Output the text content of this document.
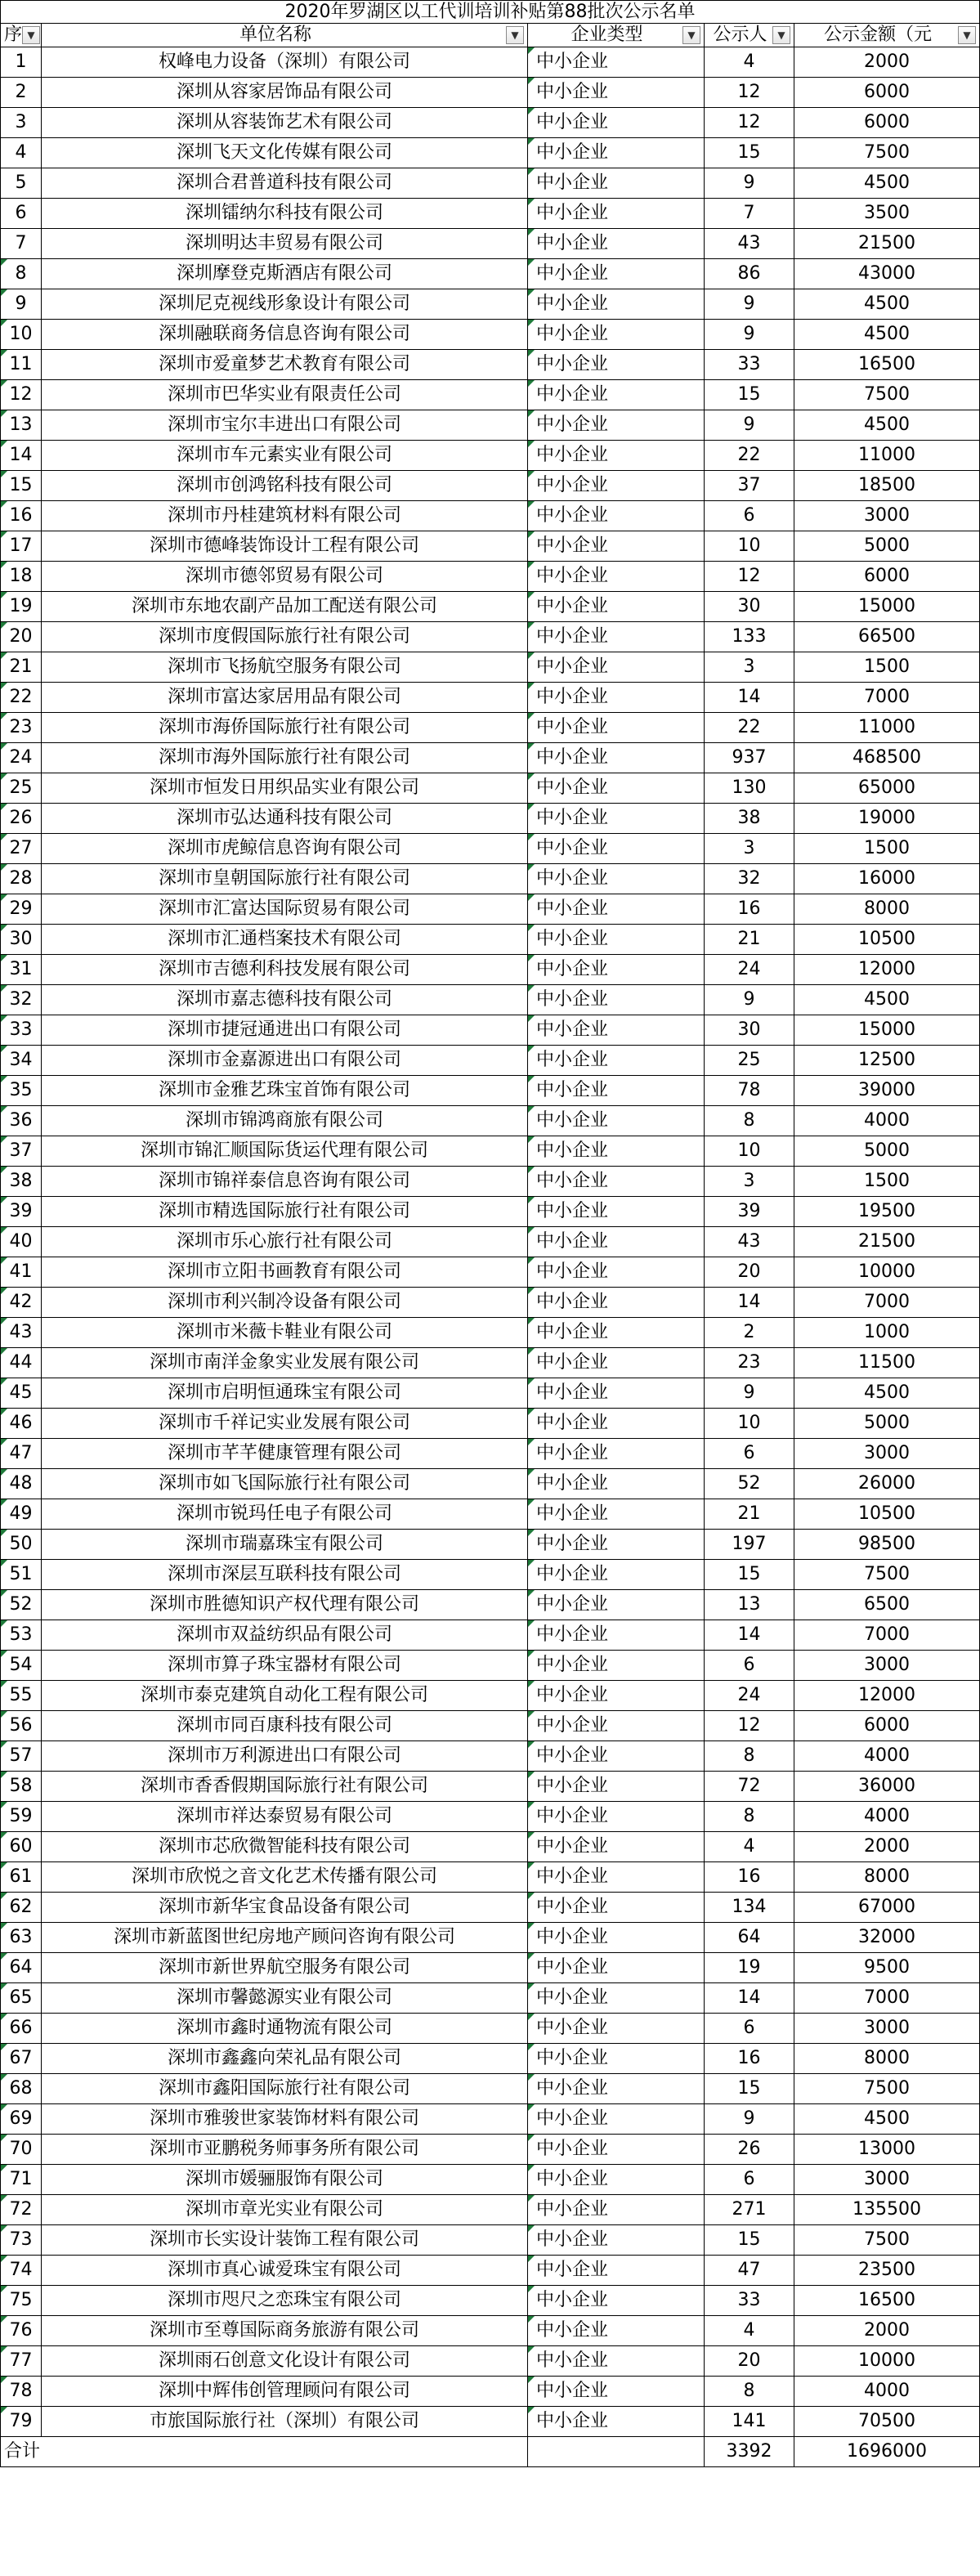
2020年罗湖区以工代训培训补贴第88批次公示名单				

序 ▼	单位名称 ▼	企业类型 ▼	公示人 ▼	公示金额（元 ▼

1	权峰电力设备（深圳）有限公司	中小企业	4	2000
2	深圳从容家居饰品有限公司	中小企业	12	6000
3	深圳从容装饰艺术有限公司	中小企业	12	6000
4	深圳飞天文化传媒有限公司	中小企业	15	7500
5	深圳合君普道科技有限公司	中小企业	9	4500
6	深圳镭纳尔科技有限公司	中小企业	7	3500
7	深圳明达丰贸易有限公司	中小企业	43	21500
8	深圳摩登克斯酒店有限公司	中小企业	86	43000
9	深圳尼克视线形象设计有限公司	中小企业	9	4500
10	深圳融联商务信息咨询有限公司	中小企业	9	4500
11	深圳市爱童梦艺术教育有限公司	中小企业	33	16500
12	深圳市巴华实业有限责任公司	中小企业	15	7500
13	深圳市宝尔丰进出口有限公司	中小企业	9	4500
14	深圳市车元素实业有限公司	中小企业	22	11000
15	深圳市创鸿铭科技有限公司	中小企业	37	18500
16	深圳市丹桂建筑材料有限公司	中小企业	6	3000
17	深圳市德峰装饰设计工程有限公司	中小企业	10	5000
18	深圳市德邻贸易有限公司	中小企业	12	6000
19	深圳市东地农副产品加工配送有限公司	中小企业	30	15000
20	深圳市度假国际旅行社有限公司	中小企业	133	66500
21	深圳市飞扬航空服务有限公司	中小企业	3	1500
22	深圳市富达家居用品有限公司	中小企业	14	7000
23	深圳市海侨国际旅行社有限公司	中小企业	22	11000
24	深圳市海外国际旅行社有限公司	中小企业	937	468500
25	深圳市恒发日用织品实业有限公司	中小企业	130	65000
26	深圳市弘达通科技有限公司	中小企业	38	19000
27	深圳市虎鲸信息咨询有限公司	中小企业	3	1500
28	深圳市皇朝国际旅行社有限公司	中小企业	32	16000
29	深圳市汇富达国际贸易有限公司	中小企业	16	8000
30	深圳市汇通档案技术有限公司	中小企业	21	10500
31	深圳市吉德利科技发展有限公司	中小企业	24	12000
32	深圳市嘉志德科技有限公司	中小企业	9	4500
33	深圳市捷冠通进出口有限公司	中小企业	30	15000
34	深圳市金嘉源进出口有限公司	中小企业	25	12500
35	深圳市金雅艺珠宝首饰有限公司	中小企业	78	39000
36	深圳市锦鸿商旅有限公司	中小企业	8	4000
37	深圳市锦汇顺国际货运代理有限公司	中小企业	10	5000
38	深圳市锦祥泰信息咨询有限公司	中小企业	3	1500
39	深圳市精选国际旅行社有限公司	中小企业	39	19500
40	深圳市乐心旅行社有限公司	中小企业	43	21500
41	深圳市立阳书画教育有限公司	中小企业	20	10000
42	深圳市利兴制冷设备有限公司	中小企业	14	7000
43	深圳市米薇卡鞋业有限公司	中小企业	2	1000
44	深圳市南洋金象实业发展有限公司	中小企业	23	11500
45	深圳市启明恒通珠宝有限公司	中小企业	9	4500
46	深圳市千祥记实业发展有限公司	中小企业	10	5000
47	深圳市芊芊健康管理有限公司	中小企业	6	3000
48	深圳市如飞国际旅行社有限公司	中小企业	52	26000
49	深圳市锐玛任电子有限公司	中小企业	21	10500
50	深圳市瑞嘉珠宝有限公司	中小企业	197	98500
51	深圳市深层互联科技有限公司	中小企业	15	7500
52	深圳市胜德知识产权代理有限公司	中小企业	13	6500
53	深圳市双益纺织品有限公司	中小企业	14	7000
54	深圳市算子珠宝器材有限公司	中小企业	6	3000
55	深圳市泰克建筑自动化工程有限公司	中小企业	24	12000
56	深圳市同百康科技有限公司	中小企业	12	6000
57	深圳市万利源进出口有限公司	中小企业	8	4000
58	深圳市香香假期国际旅行社有限公司	中小企业	72	36000
59	深圳市祥达泰贸易有限公司	中小企业	8	4000
60	深圳市芯欣微智能科技有限公司	中小企业	4	2000
61	深圳市欣悦之音文化艺术传播有限公司	中小企业	16	8000
62	深圳市新华宝食品设备有限公司	中小企业	134	67000
63	深圳市新蓝图世纪房地产顾问咨询有限公司	中小企业	64	32000
64	深圳市新世界航空服务有限公司	中小企业	19	9500
65	深圳市馨懿源实业有限公司	中小企业	14	7000
66	深圳市鑫时通物流有限公司	中小企业	6	3000
67	深圳市鑫鑫向荣礼品有限公司	中小企业	16	8000
68	深圳市鑫阳国际旅行社有限公司	中小企业	15	7500
69	深圳市雅骏世家装饰材料有限公司	中小企业	9	4500
70	深圳市亚鹏税务师事务所有限公司	中小企业	26	13000
71	深圳市媛骊服饰有限公司	中小企业	6	3000
72	深圳市章光实业有限公司	中小企业	271	135500
73	深圳市长实设计装饰工程有限公司	中小企业	15	7500
74	深圳市真心诚爱珠宝有限公司	中小企业	47	23500
75	深圳市咫尺之恋珠宝有限公司	中小企业	33	16500
76	深圳市至尊国际商务旅游有限公司	中小企业	4	2000
77	深圳雨石创意文化设计有限公司	中小企业	20	10000
78	深圳中辉伟创管理顾问有限公司	中小企业	8	4000
79	市旅国际旅行社（深圳）有限公司	中小企业	141	70500
合计			3392	1696000
